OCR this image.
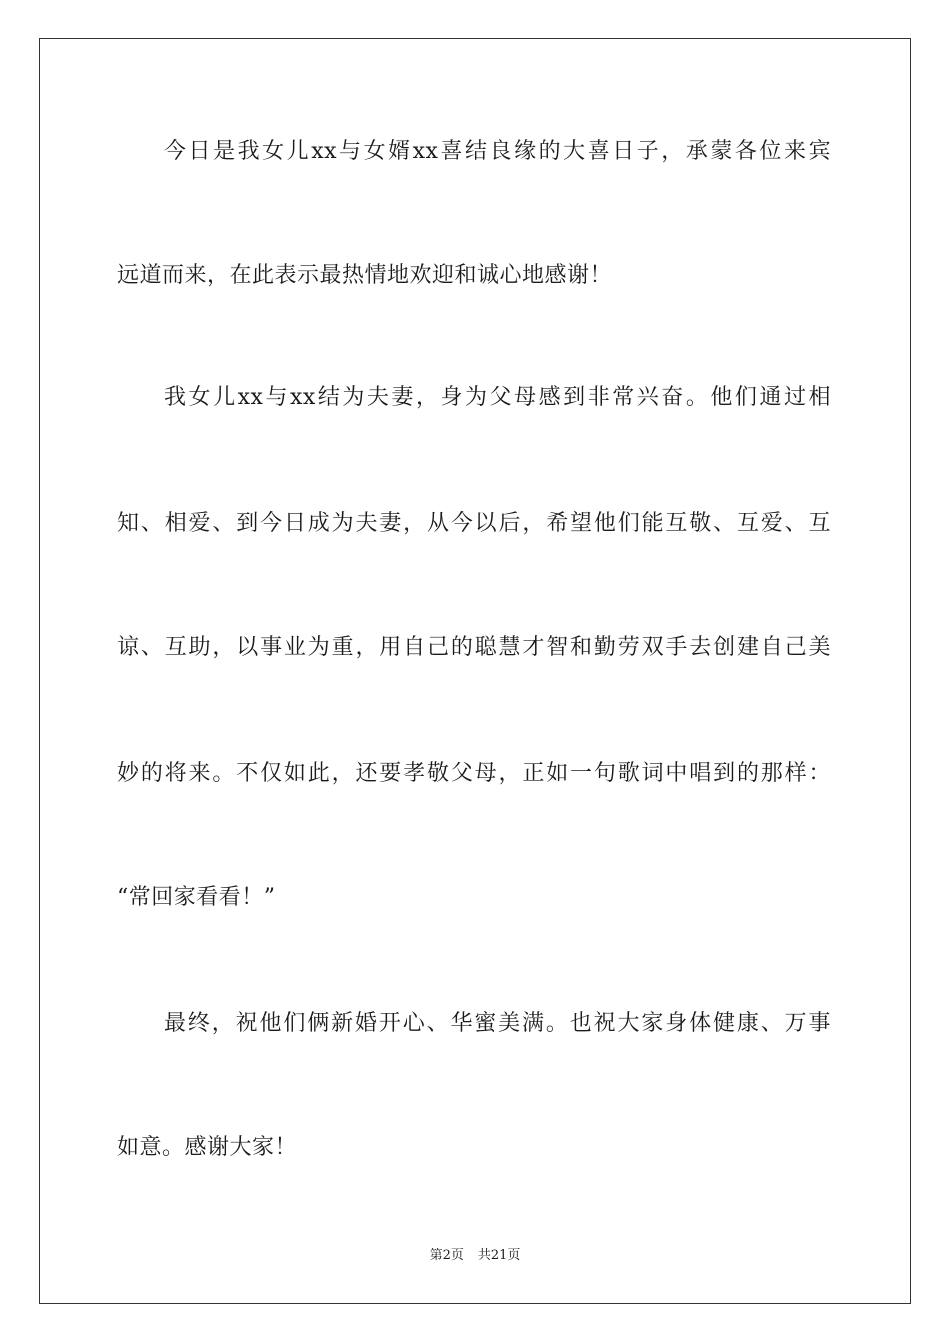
今日是我女儿xx与女婿xx喜结良缘的大喜日子，承蒙各位来宾
远道而来，在此表示最热情地欢迎和诚心地感谢！
我女儿xx与xx结为夫妻，身为父母感到非常兴奋。他们通过相
知、相爱、到今日成为夫妻，从今以后，希望他们能互敬、互爱、互
谅、互助，以事业为重，用自己的聪慧才智和勤劳双手去创建自己美
妙的将来。不仅如此，还要孝敬父母，正如一句歌词中唱到的那样：
“常回家看看！”
最终，祝他们俩新婚开心、华蜜美满。也祝大家身体健康、万事
如意。感谢大家！
第2页 共21页
